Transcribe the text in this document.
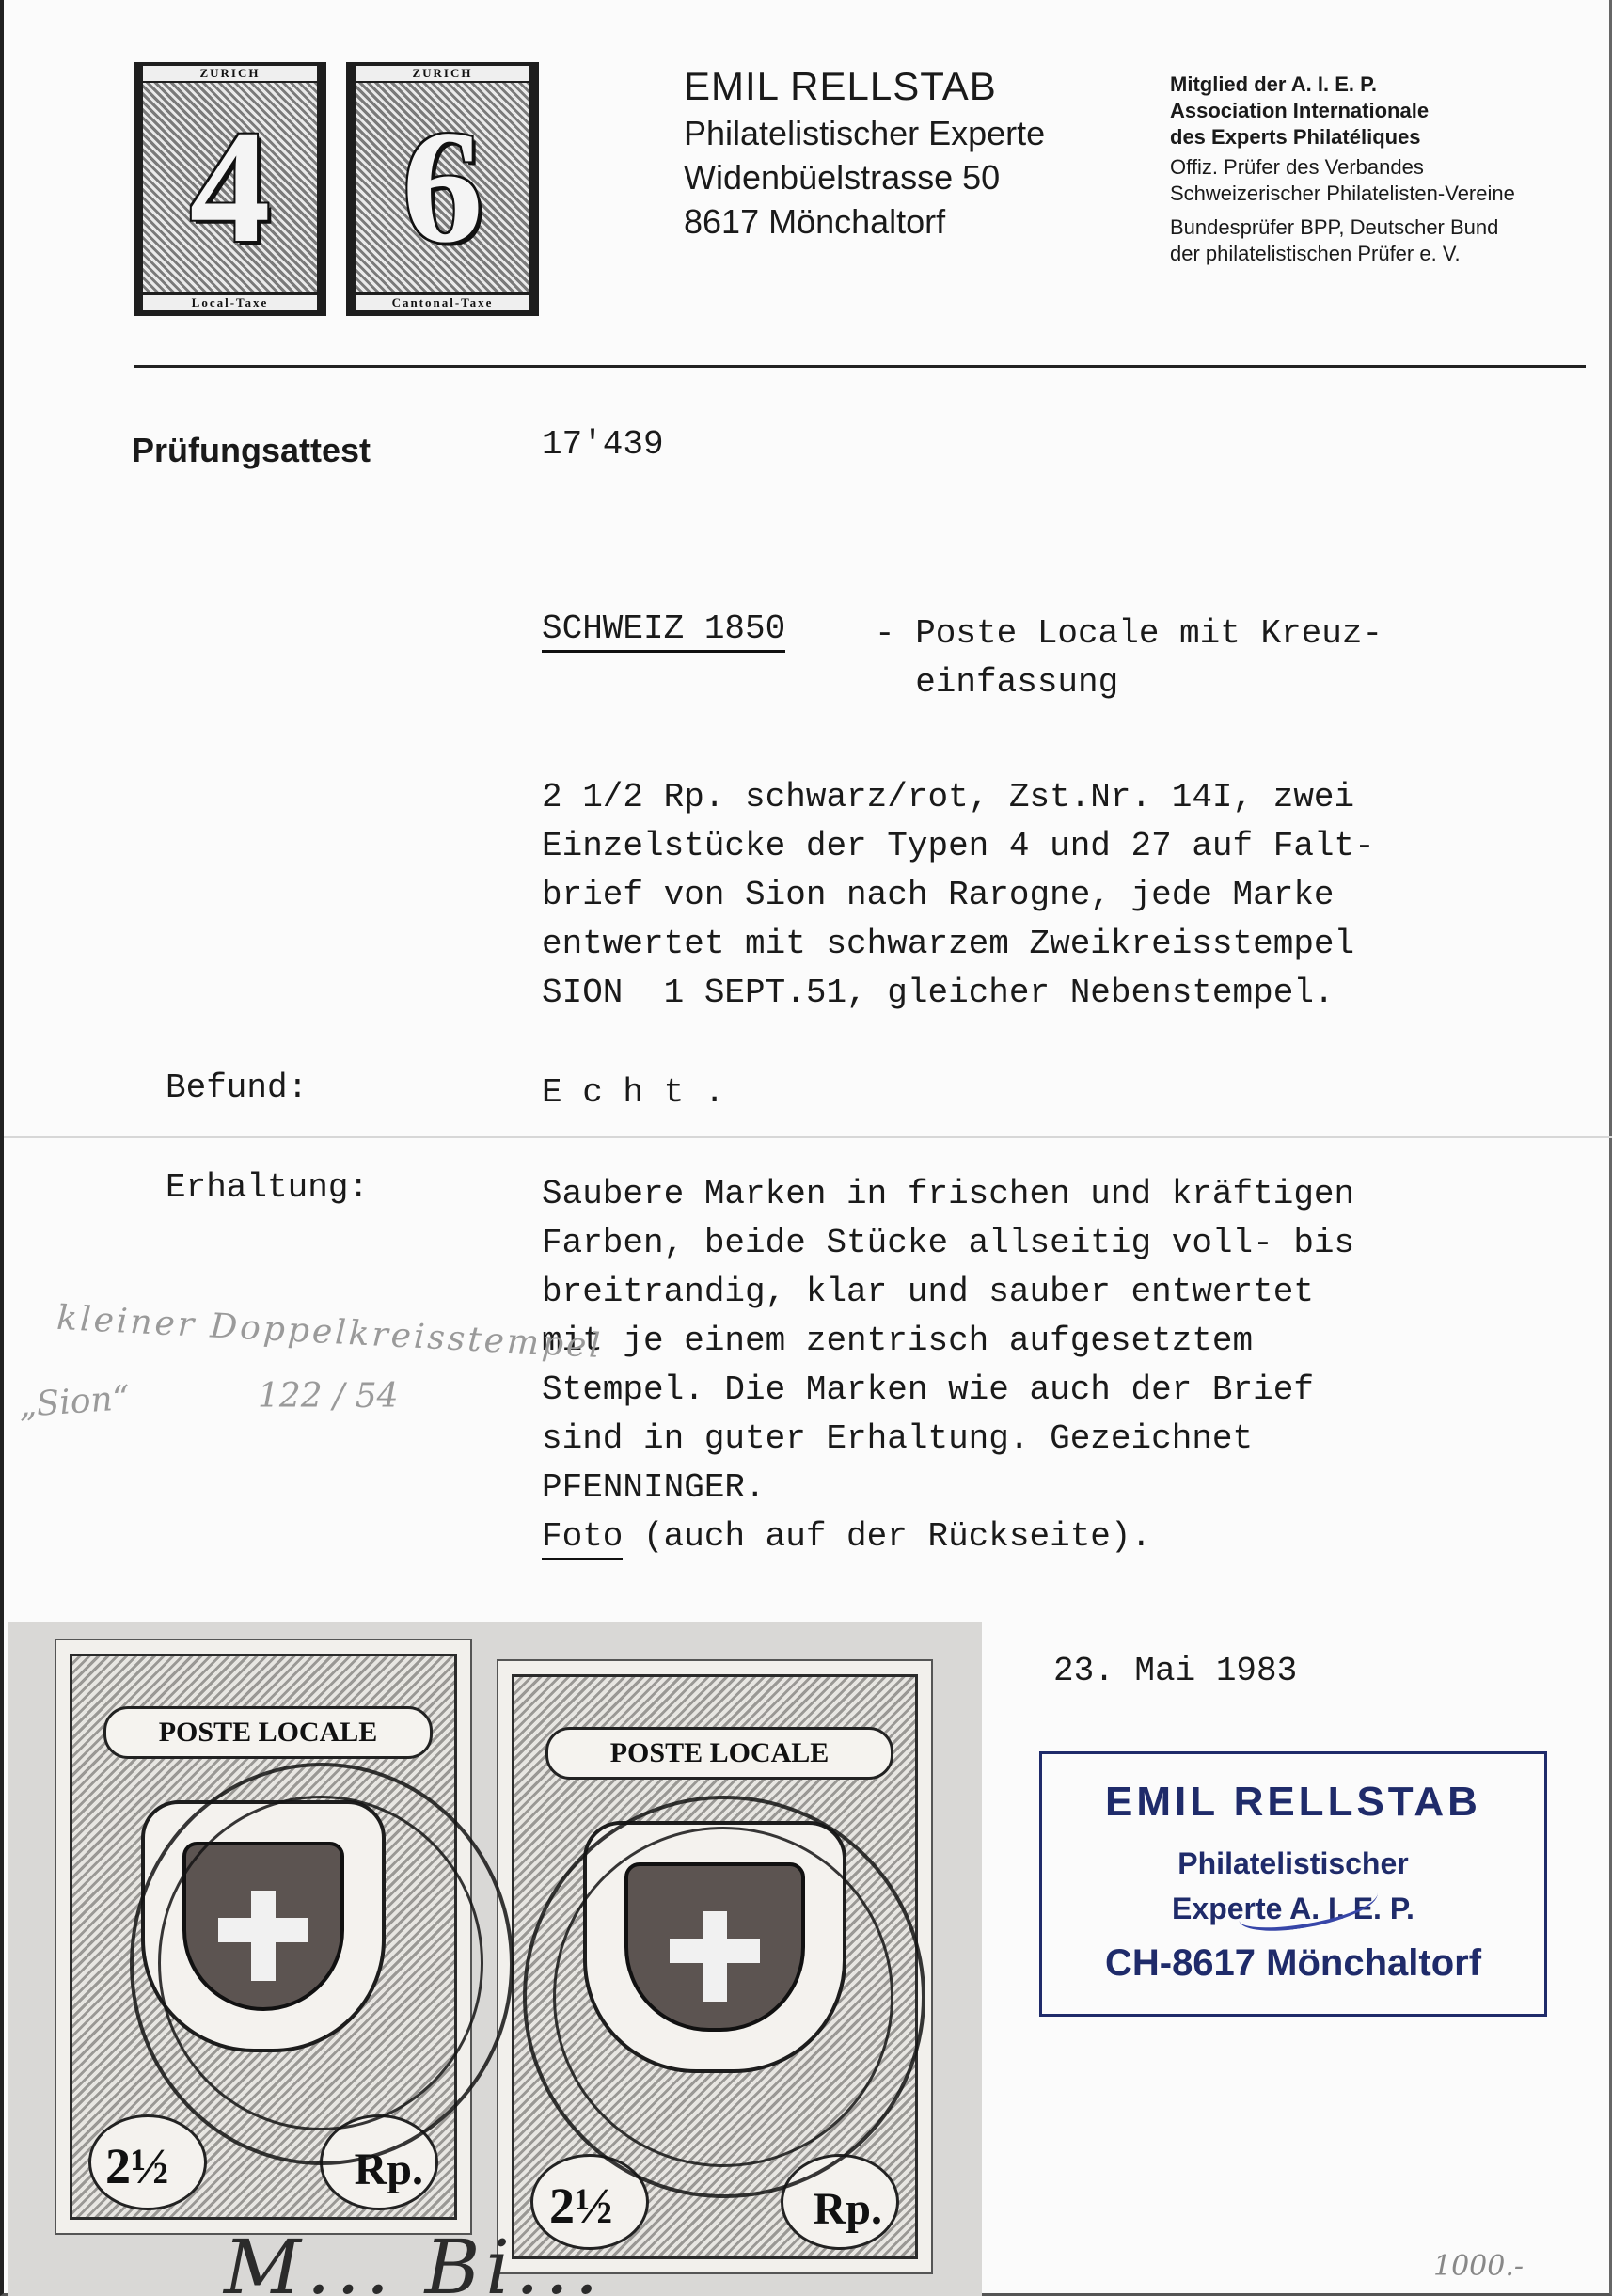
ZURICH
4
Local-Taxe
ZURICH
6
Cantonal-Taxe
EMIL RELLSTAB
Philatelistischer Experte
Widenbüelstrasse 50
8617 Mönchaltorf
Mitglied der A. I. E. P.
Association Internationale
des Experts Philatéliques
Offiz. Prüfer des Verbandes
Schweizerischer Philatelisten-Vereine
Bundesprüfer BPP, Deutscher Bund
der philatelistischen Prüfer e. V.
Prüfungsattest	17'439
SCHWEIZ 1850	- Poste Locale mit Kreuz-
einfassung
2 1/2 Rp. schwarz/rot, Zst.Nr. 14I, zwei
Einzelstücke der Typen 4 und 27 auf Falt-
brief von Sion nach Rarogne, jede Marke
entwertet mit schwarzem Zweikreisstempel
SION  1 SEPT.51, gleicher Nebenstempel.
Befund:	E c h t .
Erhaltung:	Saubere Marken in frischen und kräftigen
Farben, beide Stücke allseitig voll- bis
breitrandig, klar und sauber entwertet
mit je einem zentrisch aufgesetztem
Stempel. Die Marken wie auch der Brief
sind in guter Erhaltung. Gezeichnet
PFENNINGER.
Foto (auch auf der Rückseite).
kleiner Doppelkreisstempel
„Sion“	122 / 54
23. Mai 1983
POSTE LOCALE
2½	Rp.
POSTE LOCALE
2½	Rp.
M... Bi...
EMIL RELLSTAB
Philatelistischer
Experte A. I. E. P.
CH-8617 Mönchaltorf
1000.-
